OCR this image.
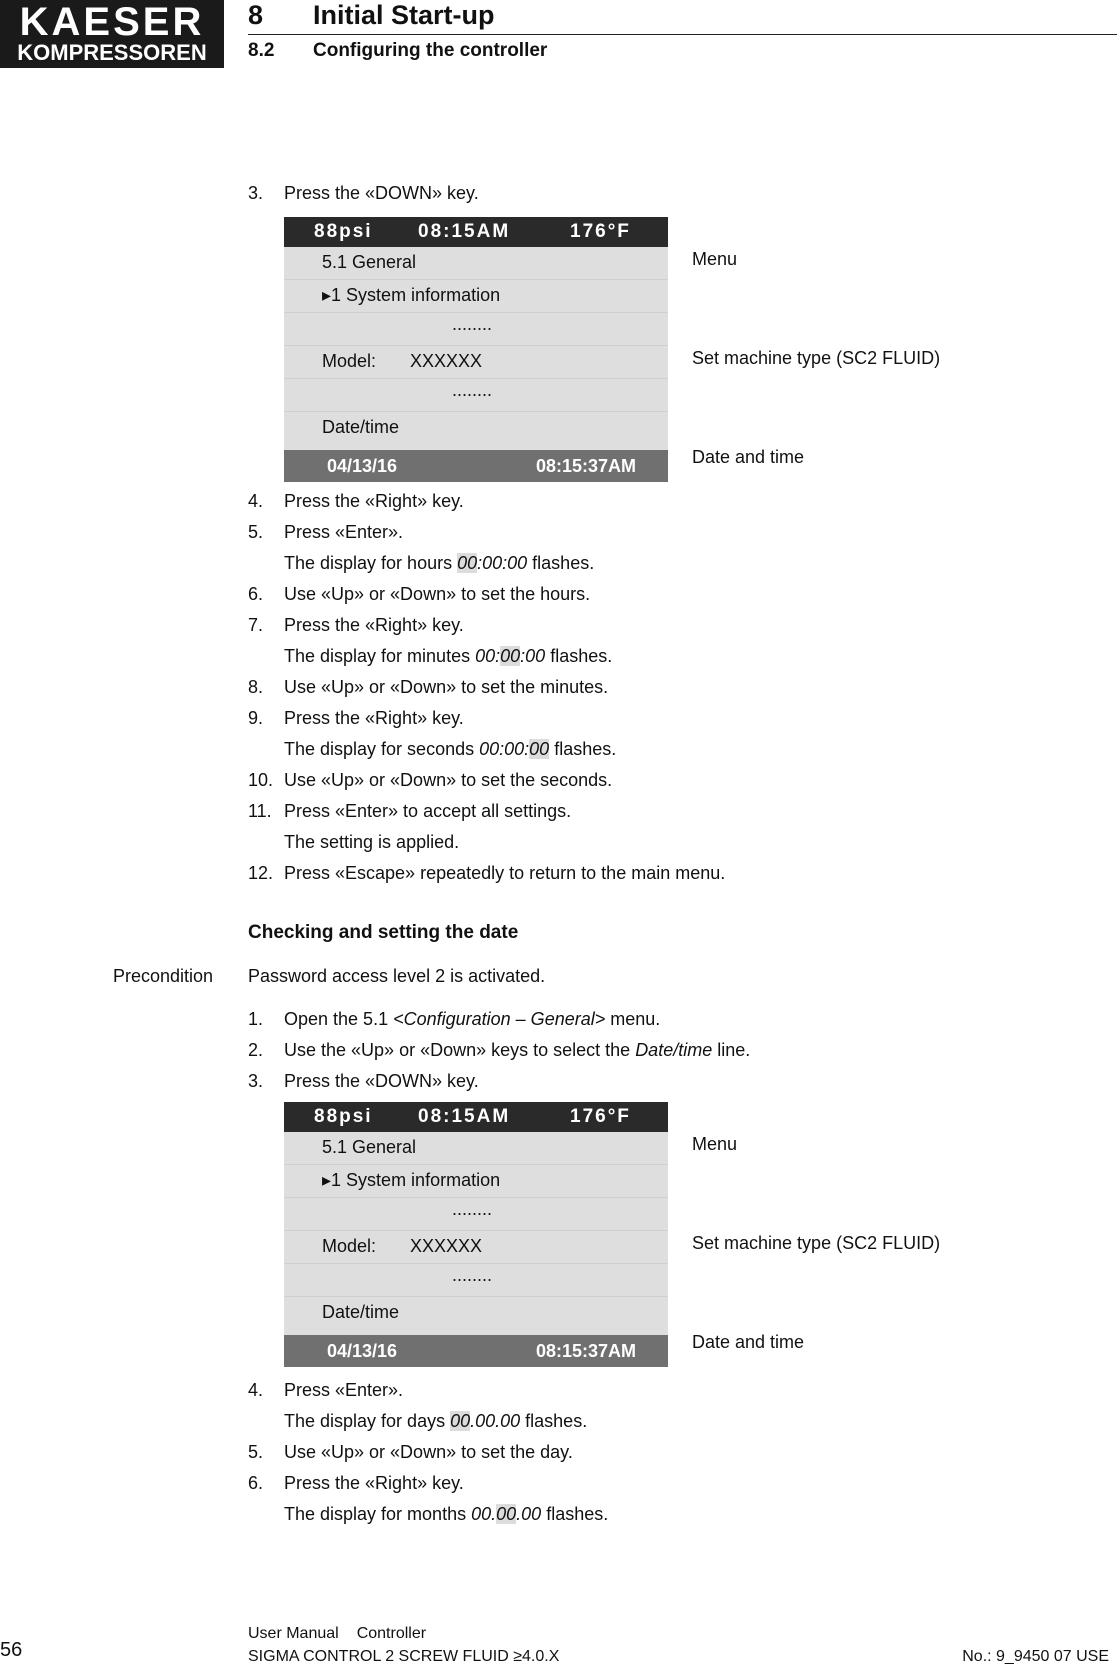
KAESER
KOMPRESSOREN
8 Initial Start-up
8.2 Configuring the controller
3. Press the «DOWN» key.
88psi 08:15AM	176°F
5.1 General
▸1 System information
........
Model: XXXXXX
........
Date/time
04/13/16	08:15:37AM
Menu
Set machine type (SC2 FLUID)
Date and time
4. Press the «Right» key.
5. Press «Enter».
The display for hours 00:00:00 flashes.
6. Use «Up» or «Down» to set the hours.
7. Press the «Right» key.
The display for minutes 00:00:00 flashes.
8. Use «Up» or «Down» to set the minutes.
9. Press the «Right» key.
The display for seconds 00:00:00 flashes.
10. Use «Up» or «Down» to set the seconds.
11. Press «Enter» to accept all settings.
The setting is applied.
12. Press «Escape» repeatedly to return to the main menu.
Checking and setting the date
Precondition Password access level 2 is activated.
1. Open the 5.1 <Configuration – General> menu.
2. Use the «Up» or «Down» keys to select the Date/time line.
3. Press the «DOWN» key.
88psi 08:15AM	176°F
5.1 General
▸1 System information
........
Model: XXXXXX
........
Date/time
04/13/16	08:15:37AM
Menu
Set machine type (SC2 FLUID)
Date and time
4. Press «Enter».
The display for days 00.00.00 flashes.
5. Use «Up» or «Down» to set the day.
6. Press the «Right» key.
The display for months 00.00.00 flashes.
56
User Manual Controller
SIGMA CONTROL 2 SCREW FLUID ≥4.0.X	No.: 9_9450 07 USE
